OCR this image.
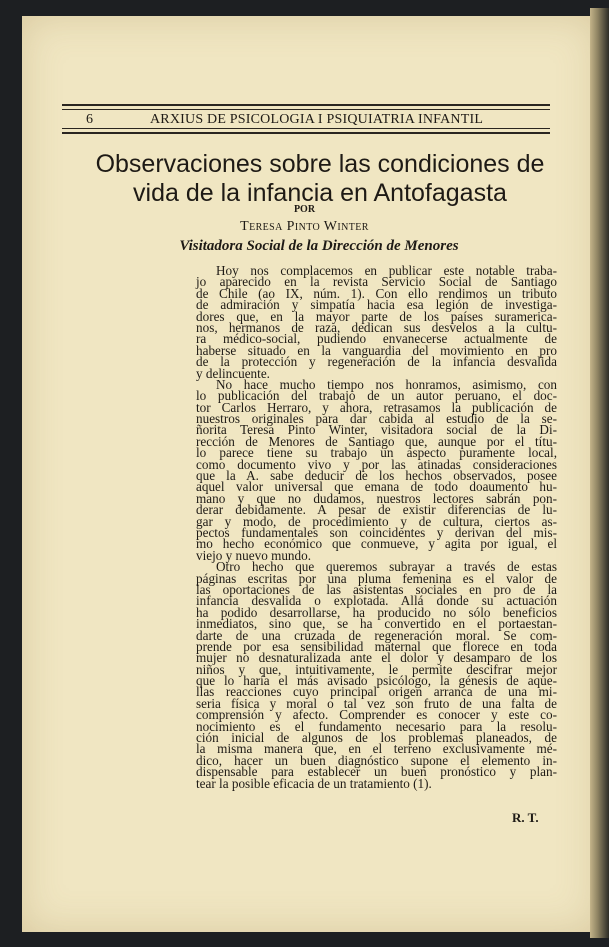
6	ARXIUS DE PSICOLOGIA I PSIQUIATRIA INFANTIL
Observaciones sobre las condiciones de
vida de la infancia en Antofagasta
POR
Teresa Pinto Winter
Visitadora Social de la Dirección de Menores
Hoy nos complacemos en publicar este notable traba-
jo aparecido en la revista Servicio Social de Santiago
de Chile (ao IX, núm. 1). Con ello rendimos un tributo
de admiración y simpatía hacia esa legión de investiga-
dores que, en la mayor parte de los países suramerica-
nos, hermanos de raza, dedican sus desvelos a la cultu-
ra médico-social, pudiendo envanecerse actualmente de
haberse situado en la vanguardia del movimiento en pro
de la protección y regeneración de la infancia desvalida
y delincuente.
No hace mucho tiempo nos honramos, asimismo, con
lo publicación del trabajo de un autor peruano, el doc-
tor Carlos Herraro, y ahora, retrasamos la publicación de
nuestros originales para dar cabida al estudio de la se-
ñorita Teresa Pinto Winter, visitadora social de la Di-
rección de Menores de Santiago que, aunque por el títu-
lo parece tiene su trabajo un aspecto puramente local,
como documento vivo y por las atinadas consideraciones
que la A. sabe deducir de los hechos observados, posee
aquel valor universal que emana de todo doaumento hu-
mano y que no dudamos, nuestros lectores sabrán pon-
derar debidamente. A pesar de existir diferencias de lu-
gar y modo, de procedimiento y de cultura, ciertos as-
pectos fundamentales son coincidentes y derivan del mis-
mo hecho económico que conmueve, y agita por igual, el
viejo y nuevo mundo.
Otro hecho que queremos subrayar a través de estas
páginas escritas por una pluma femenina es el valor de
las oportaciones de las asistentas sociales en pro de la
infancia desvalida o explotada. Allá donde su actuación
ha podido desarrollarse, ha producido no sólo beneficios
inmediatos, sino que, se ha convertido en el portaestan-
darte de una cruzada de regeneración moral. Se com-
prende por esa sensibilidad maternal que florece en toda
mujer no desnaturalizada ante el dolor y desamparo de los
niños y que, intuitivamente, le permite descifrar mejor
que lo haría el más avisado psicólogo, la génesis de aque-
llas reacciones cuyo principal origen arranca de una mi-
seria física y moral o tal vez son fruto de una falta de
comprensión y afecto. Comprender es conocer y este co-
nocimiento es el fundamento necesario para la resolu-
ción inicial de algunos de los problemas planeados, de
la misma manera que, en el terreno exclusivamente mé-
dico, hacer un buen diagnóstico supone el elemento in-
dispensable para establecer un buen pronóstico y plan-
tear la posible eficacia de un tratamiento (1).
R. T.
